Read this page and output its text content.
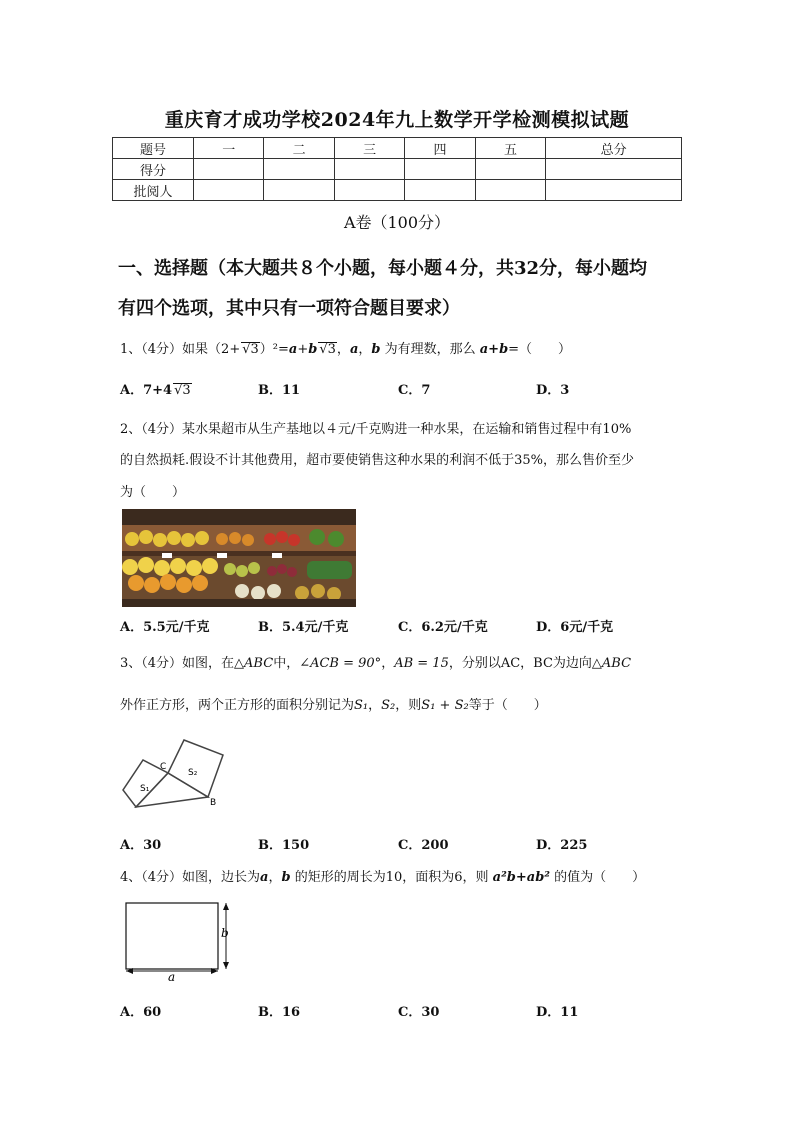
重庆育才成功学校2024年九上数学开学检测模拟试题
题号	一	二	三	四	五	总分
得分						
批阅人						
A卷（100分）
一、选择题（本大题共８个小题，每小题４分，共32分，每小题均
有四个选项，其中只有一项符合题目要求）
1、（4分）如果（2+ √3）²=a+b √3，a，b 为有理数，那么 a+b=（　　）
A．7+4 √3	B．11	C．7	D．3
2、（4分）某水果超市从生产基地以４元/千克购进一种水果，在运输和销售过程中有10%
的自然损耗.假设不计其他费用，超市要使销售这种水果的利润不低于35%，那么售价至少
为（　　）
A．5.5元/千克	B．5.4元/千克	C．6.2元/千克	D．6元/千克
3、（4分）如图，在△ABC中，∠ACB = 90°，AB = 15，分别以AC，BC为边向△ABC
外作正方形，两个正方形的面积分别记为S₁，S₂，则S₁ + S₂等于（　　）
C
S₂
S₁
B
A．30	B．150	C．200	D．225
4、（4分）如图，边长为a，b 的矩形的周长为10，面积为6，则 a²b+ab² 的值为（　　）
b
a
A．60	B．16	C．30	D．11
